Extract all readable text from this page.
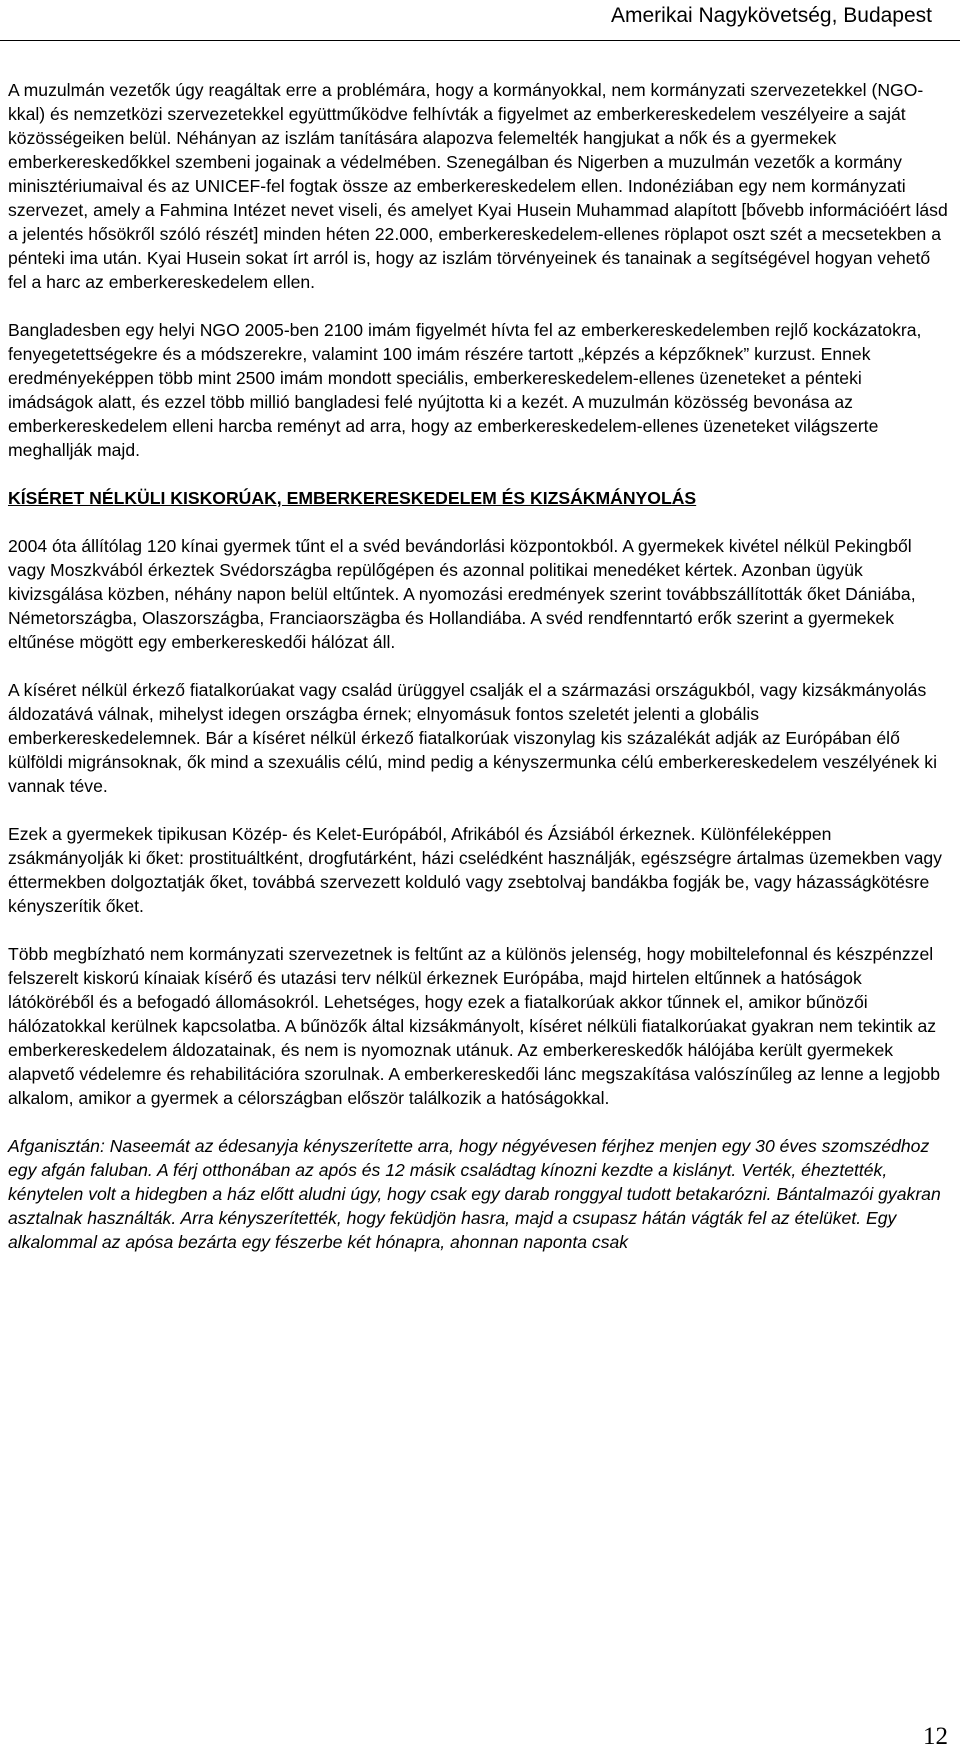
Amerikai Nagykövetség, Budapest

A muzulmán vezetők úgy reagáltak erre a problémára, hogy a kormányokkal, nem kormányzati szervezetekkel (NGO-kkal) és nemzetközi szervezetekkel együttműködve felhívták a figyelmet az emberkereskedelem veszélyeire a saját közösségeiken belül. Néhányan az iszlám tanítására alapozva felemelték hangjukat a nők és a gyermekek emberkereskedőkkel szembeni jogainak a védelmében. Szenegálban és Nigerben a muzulmán vezetők a kormány minisztériumaival és az UNICEF-fel fogtak össze az emberkereskedelem ellen. Indonéziában egy nem kormányzati szervezet, amely a Fahmina Intézet nevet viseli, és amelyet Kyai Husein Muhammad alapított [bővebb információért lásd a jelentés hősökről szóló részét] minden héten 22.000, emberkereskedelem-ellenes röplapot oszt szét a mecsetekben a pénteki ima után. Kyai Husein sokat írt arról is, hogy az iszlám törvényeinek és tanainak a segítségével hogyan vehető fel a harc az emberkereskedelem ellen.

Bangladesben egy helyi NGO 2005-ben 2100 imám figyelmét hívta fel az emberkereskedelemben rejlő kockázatokra, fenyegetettségekre és a módszerekre, valamint 100 imám részére tartott „képzés a képzőknek” kurzust. Ennek eredményeképpen több mint 2500 imám mondott speciális, emberkereskedelem-ellenes üzeneteket a pénteki imádságok alatt, és ezzel több millió bangladesi felé nyújtotta ki a kezét. A muzulmán közösség bevonása az emberkereskedelem elleni harcba reményt ad arra, hogy az emberkereskedelem-ellenes üzeneteket világszerte meghallják majd.

KÍSÉRET NÉLKÜLI KISKORÚAK, EMBERKERESKEDELEM ÉS KIZSÁKMÁNYOLÁS

2004 óta állítólag 120 kínai gyermek tűnt el a svéd bevándorlási központokból. A gyermekek kivétel nélkül Pekingből vagy Moszkvából érkeztek Svédországba repülőgépen és azonnal politikai menedéket kértek. Azonban ügyük kivizsgálása közben, néhány napon belül eltűntek. A nyomozási eredmények szerint továbbszállították őket Dániába, Németországba, Olaszországba, Franciaorszägba és Hollandiába. A svéd rendfenntartó erők szerint a gyermekek eltűnése mögött egy emberkereskedői hálózat áll.

A kíséret nélkül érkező fiatalkorúakat vagy család ürüggyel csalják el a származási országukból, vagy kizsákmányolás áldozatává válnak, mihelyst idegen országba érnek; elnyomásuk fontos szeletét jelenti a globális emberkereskedelemnek. Bár a kíséret nélkül érkező fiatalkorúak viszonylag kis százalékát adják az Európában élő külföldi migránsoknak, ők mind a szexuális célú, mind pedig a kényszermunka célú emberkereskedelem veszélyének ki vannak téve.

Ezek a gyermekek tipikusan Közép- és Kelet-Európából, Afrikából és Ázsiából érkeznek. Különféleképpen zsákmányolják ki őket: prostituáltként, drogfutárként, házi cselédként használják, egészségre ártalmas üzemekben vagy éttermekben dolgoztatják őket, továbbá szervezett kolduló vagy zsebtolvaj bandákba fogják be, vagy házasságkötésre kényszerítik őket.

Több megbízható nem kormányzati szervezetnek is feltűnt az a különös jelenség, hogy mobiltelefonnal és készpénzzel felszerelt kiskorú kínaiak kísérő és utazási terv nélkül érkeznek Európába, majd hirtelen eltűnnek a hatóságok látóköréből és a befogadó állomásokról. Lehetséges, hogy ezek a fiatalkorúak akkor tűnnek el, amikor bűnözői hálózatokkal kerülnek kapcsolatba. A bűnözők által kizsákmányolt, kíséret nélküli fiatalkorúakat gyakran nem tekintik az emberkereskedelem áldozatainak, és nem is nyomoznak utánuk. Az emberkereskedők hálójába került gyermekek alapvető védelemre és rehabilitációra szorulnak. A emberkereskedői lánc megszakítása valószínűleg az lenne a legjobb alkalom, amikor a gyermek a célországban először találkozik a hatóságokkal.

Afganisztán: Naseemát az édesanyja kényszerítette arra, hogy négyévesen férjhez menjen egy 30 éves szomszédhoz egy afgán faluban. A férj otthonában az após és 12 másik családtag kínozni kezdte a kislányt. Verték, éheztették, kénytelen volt a hidegben a ház előtt aludni úgy, hogy csak egy darab ronggyal tudott betakarózni. Bántalmazói gyakran asztalnak használták. Arra kényszerítették, hogy feküdjön hasra, majd a csupasz hátán vágták fel az ételüket. Egy alkalommal az apósa bezárta egy fészerbe két hónapra, ahonnan naponta csak

12
